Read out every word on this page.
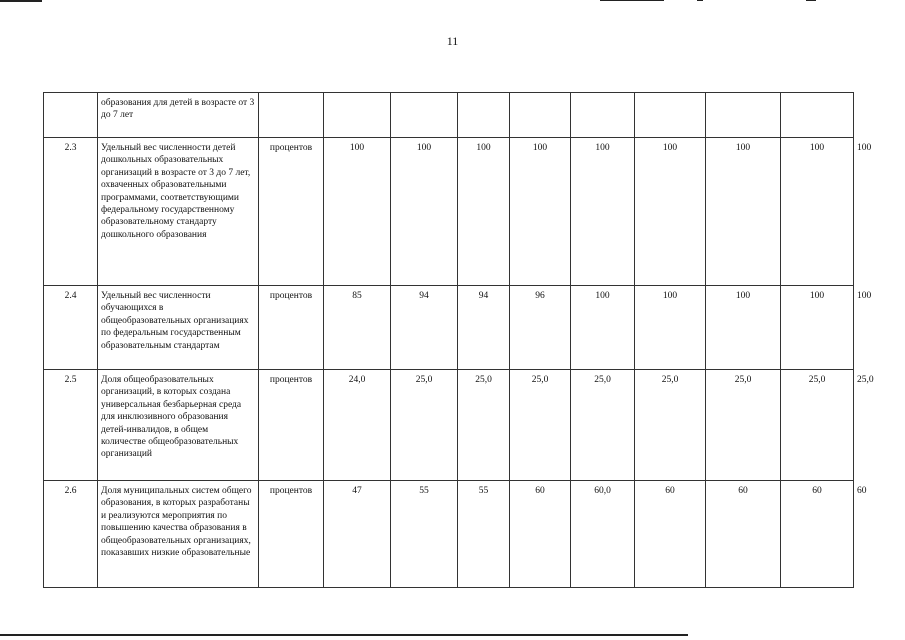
11
	образования для детей в возрасте от 3 до 7 лет										
2.3	Удельный вес численности детей дошкольных образовательных организаций в возрасте от 3 до 7 лет, охваченных образовательными программами, соответствующими федеральному государственному образовательному стандарту дошкольного образования	процентов	100	100	100	100	100	100	100	100	100
2.4	Удельный вес численности обучающихся в общеобразовательных организациях по федеральным государственным образовательным стандартам	процентов	85	94	94	96	100	100	100	100	100
2.5	Доля общеобразовательных организаций, в которых создана универсальная безбарьерная среда для инклюзивного образования детей-инвалидов, в общем количестве общеобразовательных организаций	процентов	24,0	25,0	25,0	25,0	25,0	25,0	25,0	25,0	25,0
2.6	Доля муниципальных систем общего образования, в которых разработаны и реализуются мероприятия по повышению качества образования в общеобразовательных организациях, показавших низкие образовательные	процентов	47	55	55	60	60,0	60	60	60	60
